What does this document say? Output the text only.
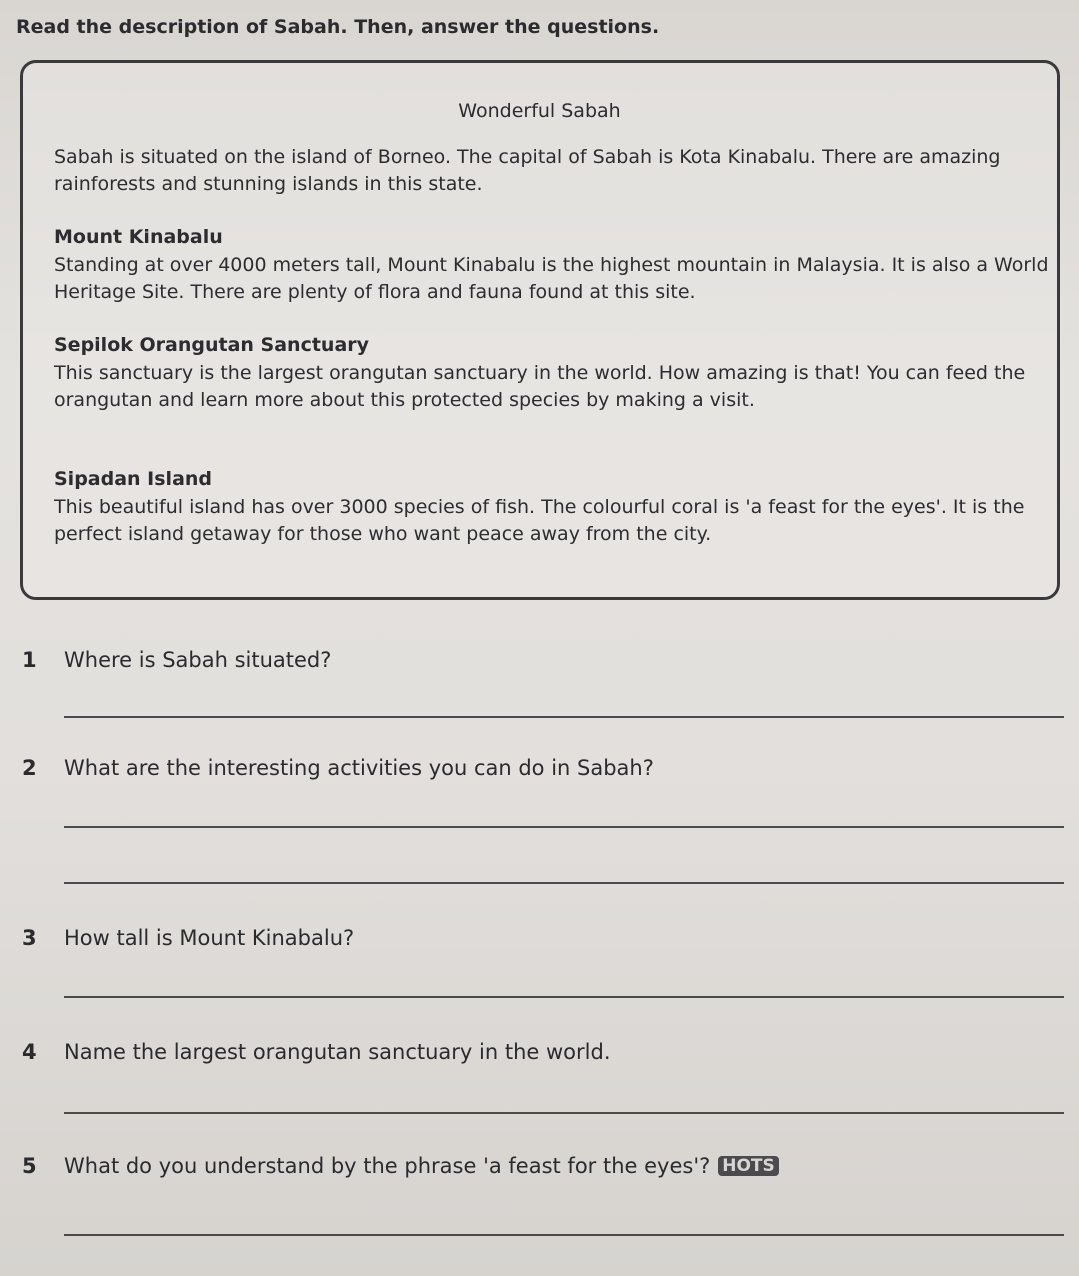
Read the description of Sabah. Then, answer the questions.
Wonderful Sabah
Sabah is situated on the island of Borneo. The capital of Sabah is Kota Kinabalu. There are amazing rainforests and stunning islands in this state.
Mount Kinabalu
Standing at over 4000 meters tall, Mount Kinabalu is the highest mountain in Malaysia. It is also a World Heritage Site. There are plenty of flora and fauna found at this site.
Sepilok Orangutan Sanctuary
This sanctuary is the largest orangutan sanctuary in the world. How amazing is that! You can feed the orangutan and learn more about this protected species by making a visit.
Sipadan Island
This beautiful island has over 3000 species of fish. The colourful coral is 'a feast for the eyes'. It is the perfect island getaway for those who want peace away from the city.
1 Where is Sabah situated?
2 What are the interesting activities you can do in Sabah?
3 How tall is Mount Kinabalu?
4 Name the largest orangutan sanctuary in the world.
5 What do you understand by the phrase 'a feast for the eyes'? HOTS
